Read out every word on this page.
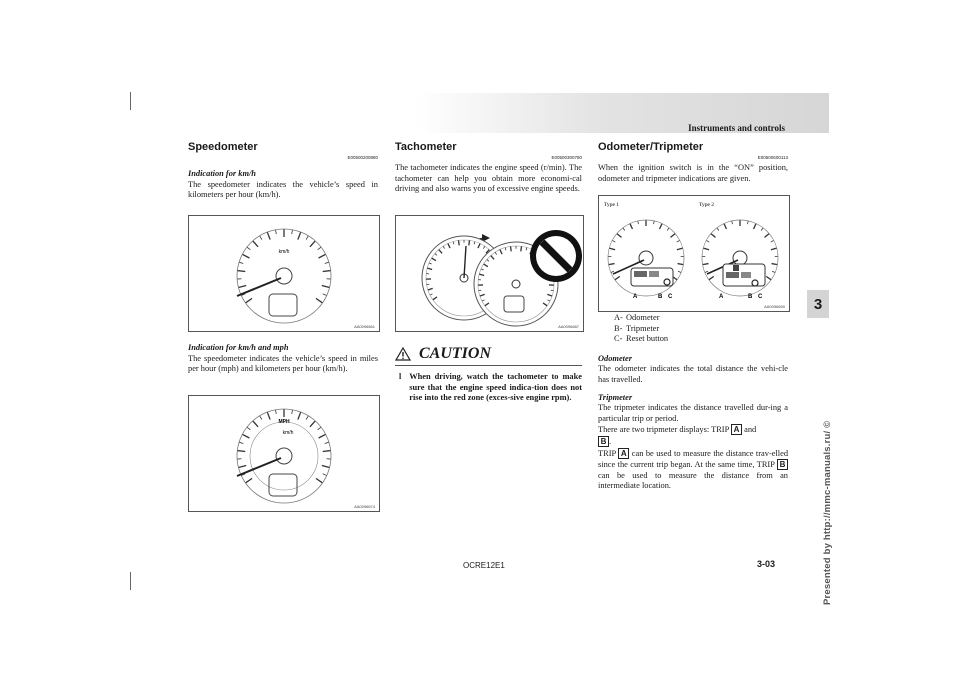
Instruments and controls
3
Presented by http://mmc-manuals.ru/ ©
Speedometer
E00500200880
Indication for km/h
The speedometer indicates the vehicle’s speed in kilometers per hour (km/h).
km/h
AA0096661
Indication for km/h and mph
The speedometer indicates the vehicle’s speed in miles per hour (mph) and kilometers per hour (km/h).
MPH
km/h
AA0096674
Tachometer
E00500300780
The tachometer indicates the engine speed (r/min). The tachometer can help you obtain more economi-cal driving and also warns you of excessive engine speeds.
AA0096687
CAUTION
l When driving, watch the tachometer to make sure that the engine speed indica-tion does not rise into the red zone (exces-sive engine rpm).
Odometer/Tripmeter
E00500600113
When the ignition switch is in the “ON” position, odometer and tripmeter indications are given.
Type 1	Type 2
A	B C	A	B C
AA0096690
A- Odometer
B- Tripmeter
C- Reset button
Odometer
The odometer indicates the total distance the vehi-cle has travelled.
Tripmeter
The tripmeter indicates the distance travelled dur-ing a particular trip or period.
There are two tripmeter displays: TRIP A and
B .
TRIP A can be used to measure the distance trav-elled since the current trip began. At the same time, TRIP B can be used to measure the distance from an intermediate location.
OCRE12E1	3-03
